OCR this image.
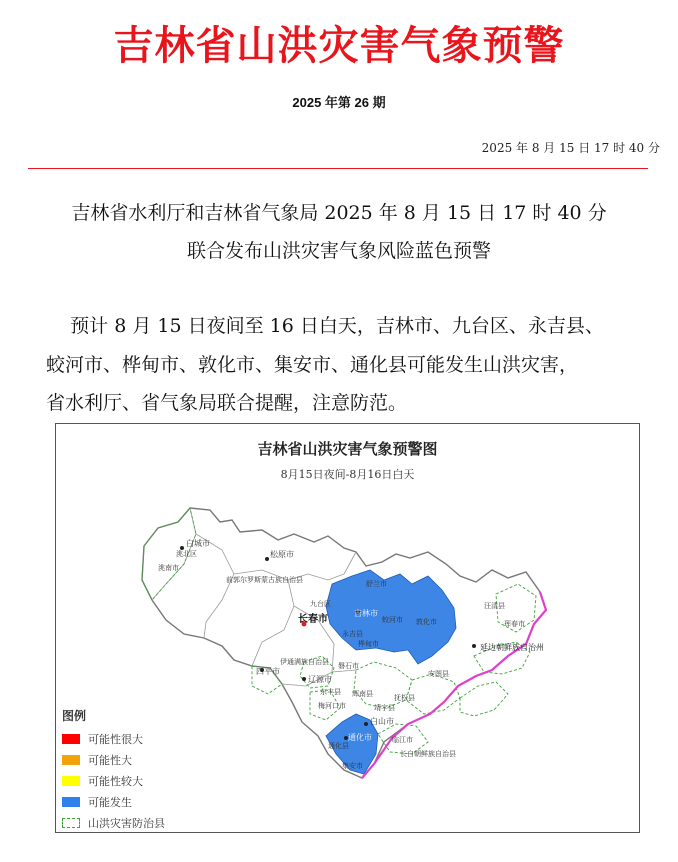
吉林省山洪灾害气象预警
2025 年第 26 期
2025 年 8 月 15 日 17 时 40 分
吉林省水利厅和吉林省气象局 2025 年 8 月 15 日 17 时 40 分
联合发布山洪灾害气象风险蓝色预警
预计 8 月 15 日夜间至 16 日白天，吉林市、九台区、永吉县、
蛟河市、桦甸市、敦化市、集安市、通化县可能发生山洪灾害，
省水利厅、省气象局联合提醒，注意防范。
吉林省山洪灾害气象预警图
8月15日夜间-8月16日白天
白城市
洮北区
洮南市
松原市
前郭尔罗斯蒙古族自治县
长春市
九台区
舒兰市
吉林市
蛟河市
永吉县
桦甸市
敦化市
汪清县
珲春市
延边朝鲜族自治州
安图县
四平市
伊通满族自治县
辽源市
磐石市
东丰县 辉南县
梅河口市
白山市
抚松县
靖宇县
通化市
通化县
集安市
临江市
长白朝鲜族自治县
图例
可能性很大
可能性大
可能性较大
可能发生
山洪灾害防治县
